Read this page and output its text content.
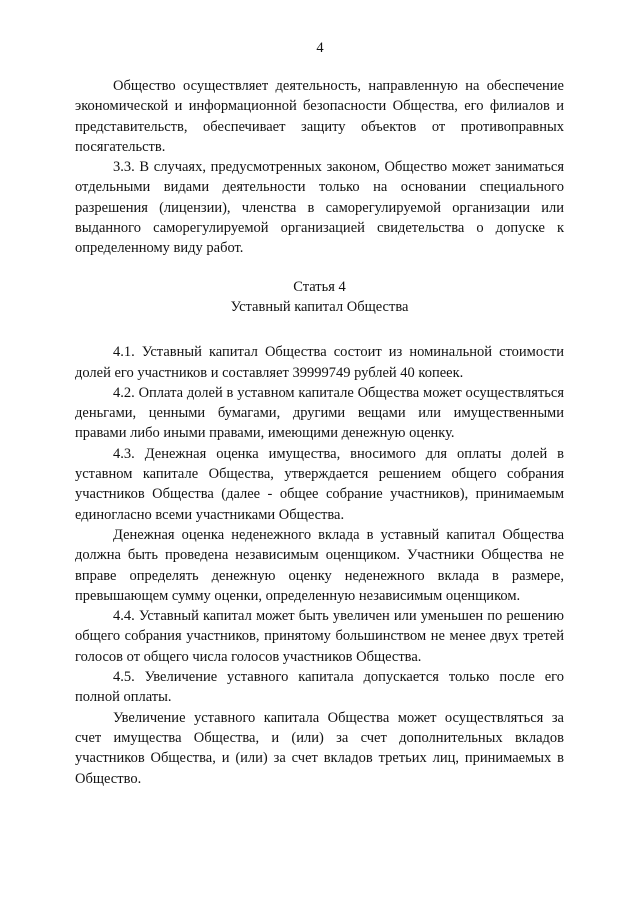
4

Общество осуществляет деятельность, направленную на обеспечение экономической и информационной безопасности Общества, его филиалов и представительств, обеспечивает защиту объектов от противоправных посягательств.

3.3. В случаях, предусмотренных законом, Общество может заниматься отдельными видами деятельности только на основании специального разрешения (лицензии), членства в саморегулируемой организации или выданного саморегулируемой организацией свидетельства о допуске к определенному виду работ.

Статья 4
Уставный капитал Общества

4.1. Уставный капитал Общества состоит из номинальной стоимости долей его участников и составляет 39999749 рублей 40 копеек.

4.2. Оплата долей в уставном капитале Общества может осуществляться деньгами, ценными бумагами, другими вещами или имущественными правами либо иными правами, имеющими денежную оценку.

4.3. Денежная оценка имущества, вносимого для оплаты долей в уставном капитале Общества, утверждается решением общего собрания участников Общества (далее - общее собрание участников), принимаемым единогласно всеми участниками Общества.

Денежная оценка неденежного вклада в уставный капитал Общества должна быть проведена независимым оценщиком. Участники Общества не вправе определять денежную оценку неденежного вклада в размере, превышающем сумму оценки, определенную независимым оценщиком.

4.4. Уставный капитал может быть увеличен или уменьшен по решению общего собрания участников, принятому большинством не менее двух третей голосов от общего числа голосов участников Общества.

4.5. Увеличение уставного капитала допускается только после его полной оплаты.

Увеличение уставного капитала Общества может осуществляться за счет имущества Общества, и (или) за счет дополнительных вкладов участников Общества, и (или) за счет вкладов третьих лиц, принимаемых в Общество.
